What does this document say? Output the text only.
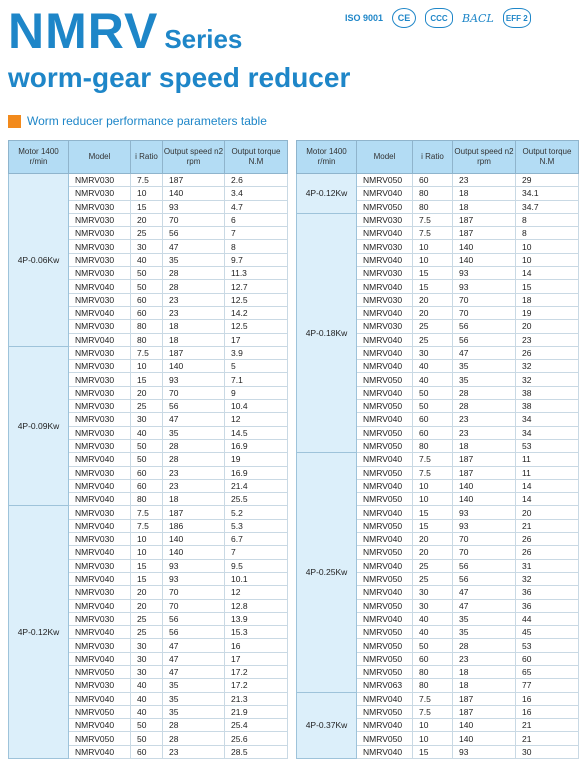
NMRV Series
worm-gear speed reducer
ISO 9001	CE	CCC	BACL	EFF 2
Worm reducer performance parameters table
Motor 1400 r/min	Model	i Ratio	Output speed n2 rpm	Output torque N.M
4P-0.06Kw	NMRV030	7.5	187	2.6
	NMRV030	10	140	3.4
	NMRV030	15	93	4.7
	NMRV030	20	70	6
	NMRV030	25	56	7
	NMRV030	30	47	8
	NMRV030	40	35	9.7
	NMRV030	50	28	11.3
	NMRV040	50	28	12.7
	NMRV030	60	23	12.5
	NMRV040	60	23	14.2
	NMRV030	80	18	12.5
	NMRV040	80	18	17
4P-0.09Kw	NMRV030	7.5	187	3.9
	NMRV030	10	140	5
	NMRV030	15	93	7.1
	NMRV030	20	70	9
	NMRV030	25	56	10.4
	NMRV030	30	47	12
	NMRV030	40	35	14.5
	NMRV030	50	28	16.9
	NMRV040	50	28	19
	NMRV030	60	23	16.9
	NMRV040	60	23	21.4
	NMRV040	80	18	25.5
4P-0.12Kw	NMRV030	7.5	187	5.2
	NMRV040	7.5	186	5.3
	NMRV030	10	140	6.7
	NMRV040	10	140	7
	NMRV030	15	93	9.5
	NMRV040	15	93	10.1
	NMRV030	20	70	12
	NMRV040	20	70	12.8
	NMRV030	25	56	13.9
	NMRV040	25	56	15.3
	NMRV030	30	47	16
	NMRV040	30	47	17
	NMRV050	30	47	17.2
	NMRV030	40	35	17.2
	NMRV040	40	35	21.3
	NMRV050	40	35	21.9
	NMRV040	50	28	25.4
	NMRV050	50	28	25.6
	NMRV040	60	23	28.5
Motor 1400 r/min	Model	i Ratio	Output speed n2 rpm	Output torque N.M
4P-0.12Kw	NMRV050	60	23	29
	NMRV040	80	18	34.1
	NMRV050	80	18	34.7
4P-0.18Kw	NMRV030	7.5	187	8
	NMRV040	7.5	187	8
	NMRV030	10	140	10
	NMRV040	10	140	10
	NMRV030	15	93	14
	NMRV040	15	93	15
	NMRV030	20	70	18
	NMRV040	20	70	19
	NMRV030	25	56	20
	NMRV040	25	56	23
	NMRV040	30	47	26
	NMRV040	40	35	32
	NMRV050	40	35	32
	NMRV040	50	28	38
	NMRV050	50	28	38
	NMRV040	60	23	34
	NMRV050	60	23	34
	NMRV050	80	18	53
4P-0.25Kw	NMRV040	7.5	187	11
	NMRV050	7.5	187	11
	NMRV040	10	140	14
	NMRV050	10	140	14
	NMRV040	15	93	20
	NMRV050	15	93	21
	NMRV040	20	70	26
	NMRV050	20	70	26
	NMRV040	25	56	31
	NMRV050	25	56	32
	NMRV040	30	47	36
	NMRV050	30	47	36
	NMRV040	40	35	44
	NMRV050	40	35	45
	NMRV050	50	28	53
	NMRV050	60	23	60
	NMRV050	80	18	65
	NMRV063	80	18	77
4P-0.37Kw	NMRV040	7.5	187	16
	NMRV050	7.5	187	16
	NMRV040	10	140	21
	NMRV050	10	140	21
	NMRV040	15	93	30
